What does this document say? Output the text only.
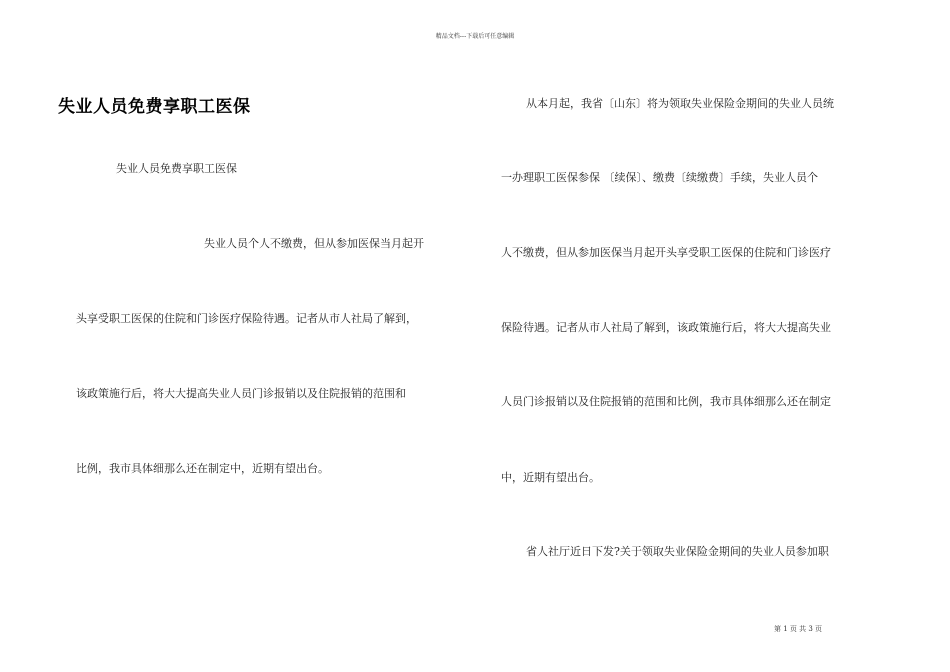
精品文档---下载后可任意编辑
失业人员免费享职工医保
失业人员免费享职工医保
失业人员个人不缴费，但从参加医保当月起开
头享受职工医保的住院和门诊医疗保险待遇。记者从市人社局了解到，
该政策施行后，将大大提高失业人员门诊报销以及住院报销的范围和
比例，我市具体细那么还在制定中，近期有望出台。
从本月起，我省〔山东〕将为领取失业保险金期间的失业人员统
一办理职工医保参保 〔续保〕、缴费〔续缴费〕手续，失业人员个
人不缴费，但从参加医保当月起开头享受职工医保的住院和门诊医疗
保险待遇。记者从市人社局了解到，该政策施行后，将大大提高失业
人员门诊报销以及住院报销的范围和比例，我市具体细那么还在制定
中，近期有望出台。
省人社厅近日下发?关于领取失业保险金期间的失业人员参加职
第 1 页 共 3 页
